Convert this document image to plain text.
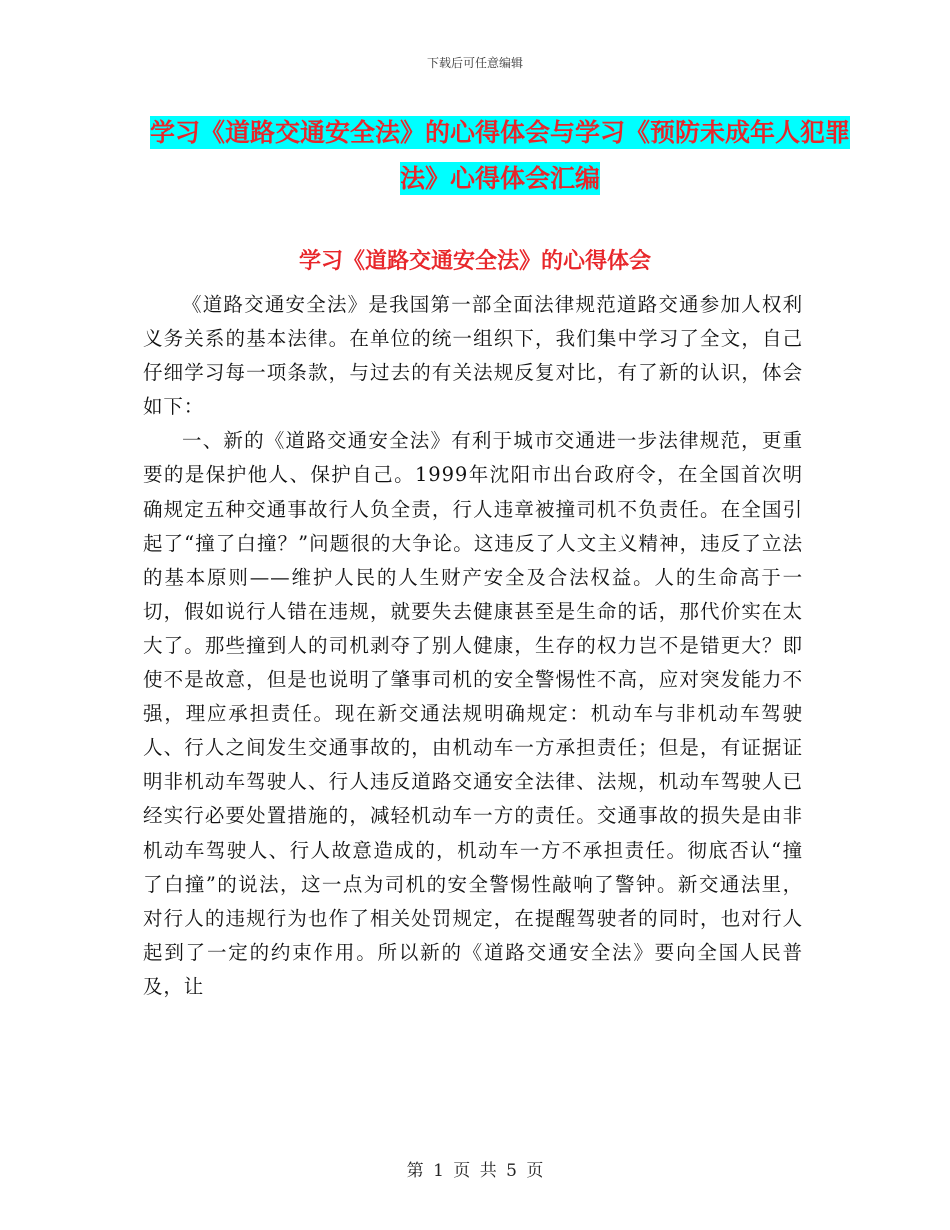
下载后可任意编辑
学习《道路交通安全法》的心得体会与学习《预防未成年人犯罪法》心得体会汇编
学习《道路交通安全法》的心得体会

《道路交通安全法》是我国第一部全面法律规范道路交通参加人权利义务关系的基本法律。在单位的统一组织下，我们集中学习了全文，自己仔细学习每一项条款，与过去的有关法规反复对比，有了新的认识，体会如下：

一、新的《道路交通安全法》有利于城市交通进一步法律规范，更重要的是保护他人、保护自己。1999年沈阳市出台政府令，在全国首次明确规定五种交通事故行人负全责，行人违章被撞司机不负责任。在全国引起了“撞了白撞？”问题很的大争论。这违反了人文主义精神，违反了立法的基本原则——维护人民的人生财产安全及合法权益。人的生命高于一切，假如说行人错在违规，就要失去健康甚至是生命的话，那代价实在太大了。那些撞到人的司机剥夺了别人健康，生存的权力岂不是错更大？即使不是故意，但是也说明了肇事司机的安全警惕性不高，应对突发能力不强，理应承担责任。现在新交通法规明确规定：机动车与非机动车驾驶人、行人之间发生交通事故的，由机动车一方承担责任；但是，有证据证明非机动车驾驶人、行人违反道路交通安全法律、法规，机动车驾驶人已经实行必要处置措施的，减轻机动车一方的责任。交通事故的损失是由非机动车驾驶人、行人故意造成的，机动车一方不承担责任。彻底否认“撞了白撞”的说法，这一点为司机的安全警惕性敲响了警钟。新交通法里，对行人的违规行为也作了相关处罚规定，在提醒驾驶者的同时，也对行人起到了一定的约束作用。所以新的《道路交通安全法》要向全国人民普及，让

第 1 页 共 5 页
